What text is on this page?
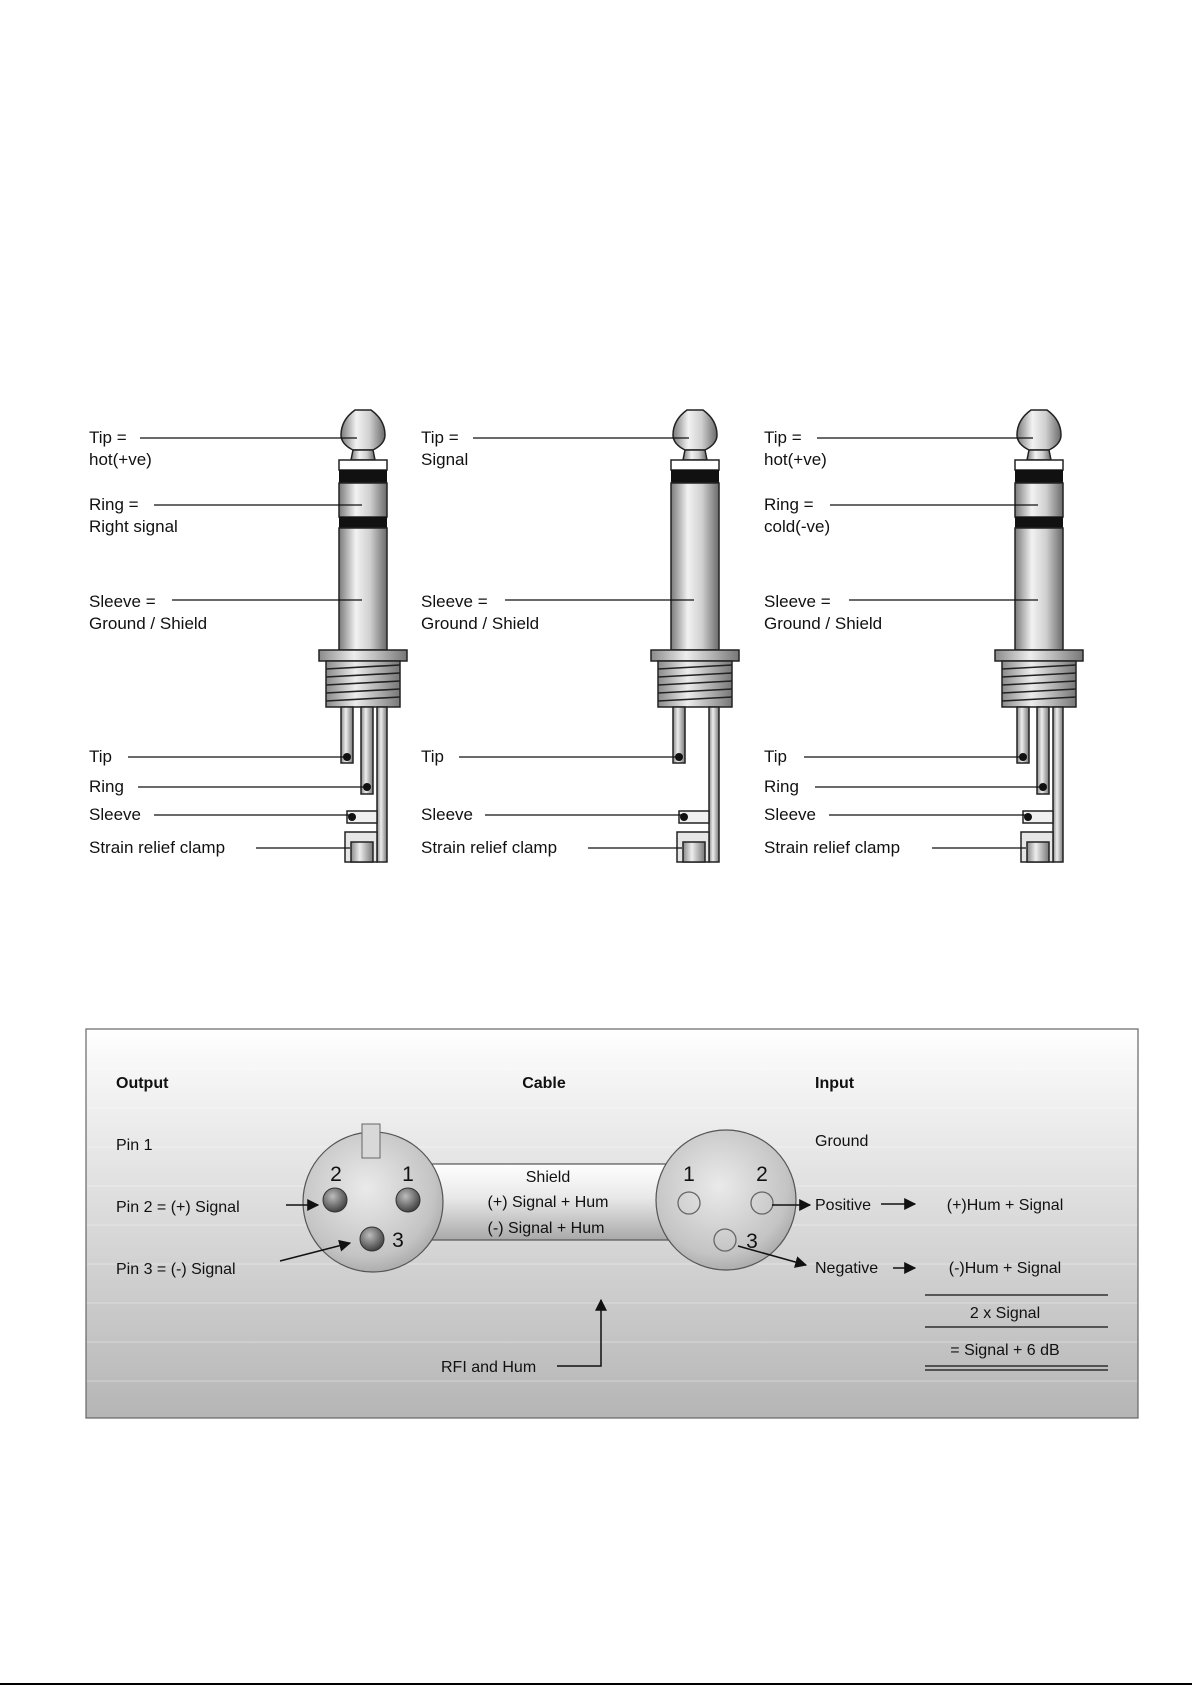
Tip =
hot(+ve)
Ring =
Right signal
Sleeve =
Ground / Shield
Tip
Ring
Sleeve
Strain relief clamp
Tip =
Signal
Sleeve =
Ground / Shield
Tip
Sleeve
Strain relief clamp
Tip =
hot(+ve)
Ring =
cold(-ve)
Sleeve =
Ground / Shield
Tip
Ring
Sleeve
Strain relief clamp
2	1
3
1	2
3
Output	Cable	Input
Pin 1
Pin 2 = (+) Signal
Pin 3 = (-) Signal
Shield
(+) Signal + Hum
(-) Signal + Hum
Ground
Positive
Negative
(+)Hum + Signal
(-)Hum + Signal
2 x Signal
= Signal + 6 dB
RFI and Hum
